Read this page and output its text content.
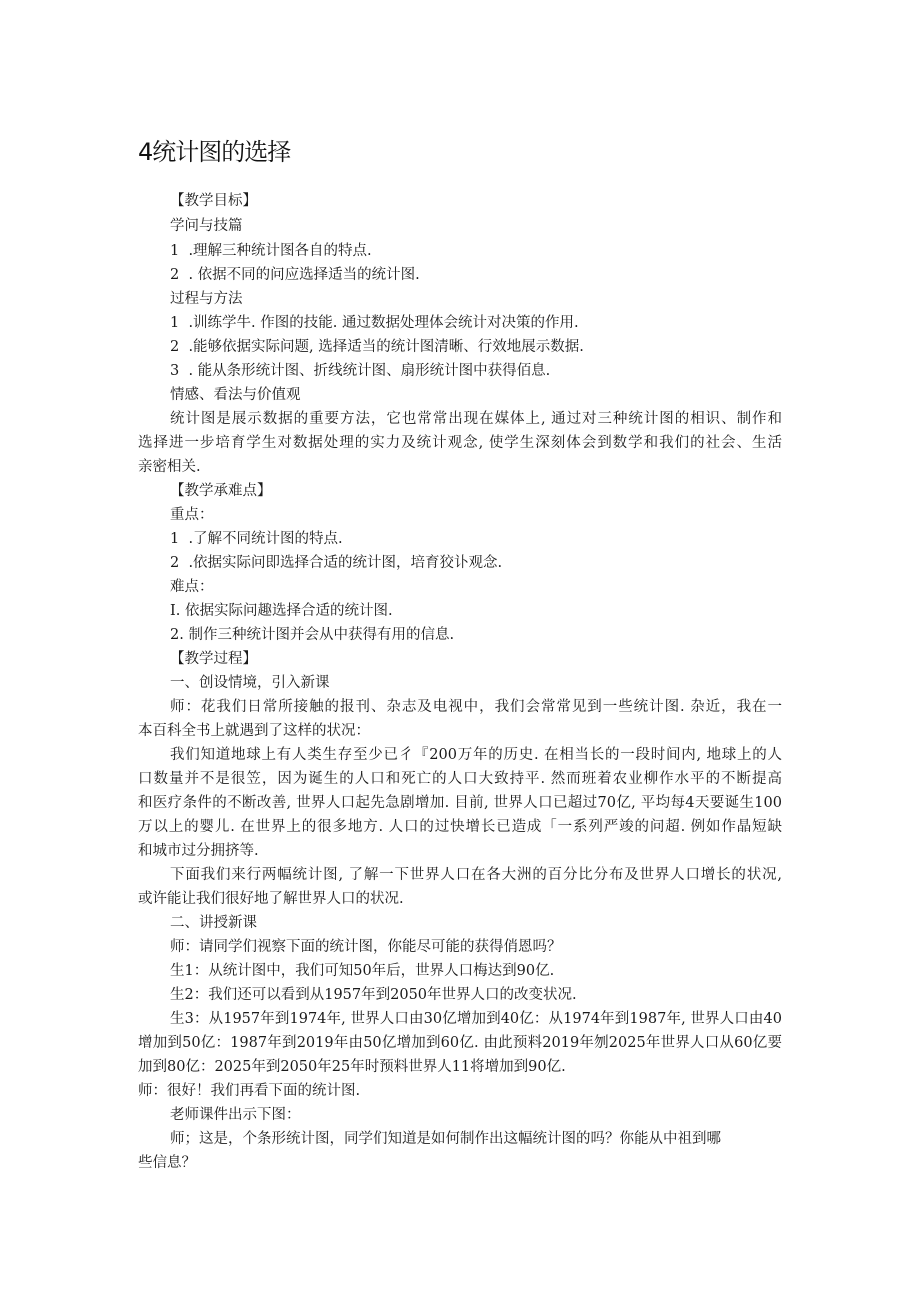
4统计图的选择
【教学目标】
学问与技篇
1	.理解三种统计图各自的特点.
2	. 依据不同的问应选择适当的统计图.
过程与方法
1	.训练学牛. 作图的技能. 通过数据处理体会统计对决策的作用.
2	.能够依据实际问题, 选择适当的统计图清晰、行效地展示数据.
3	. 能从条形统计图、折线统计图、扇形统计图中获得佰息.
情感、看法与价值观
统计图是展示数据的重要方法，它也常常出现在媒体上, 通过对三种统计图的相识、制作和
选择进一步培育学生对数据处理的实力及统计观念, 使学生深刻体会到数学和我们的社会、生活
亲密相关.
【教学承难点】
重点：
1	.了解不同统计图的特点.
2	.依据实际问即选择合适的统计图，培育狡讣观念.
难点：
I. 依据实际问趣选择合适的统计图.
2. 制作三种统计图并会从中获得有用的信息.
【教学过程】
一、创设情境，引入新课
师：花我们日常所接触的报刊、杂志及电视中，我们会常常见到一些统计图. 杂近，我在一
本百科全书上就遇到了这样的状况：
我们知道地球上有人类生存至少已彳『200万年的历史. 在相当长的一段时间内, 地球上的人
口数量并不是很笠，因为诞生的人口和死亡的人口大致持平. 然而班着农业柳作水平的不断提高
和医疗条件的不断改善, 世界人口起先急剧增加. 目前, 世界人口已超过70亿, 平均每4天要诞生100
万以上的婴儿. 在世界上的很多地方. 人口的过快增长已造成「一系列严竣的问超. 例如作晶短缺
和城市过分拥挤等.
下面我们来行两幅统计图, 了解一下世界人口在各大洲的百分比分布及世界人口增长的状况,
或许能让我们很好地了解世界人口的状况.
二、讲授新课
师：请同学们视察下面的统计图，你能尽可能的获得俏恩吗？
生1：从统计图中，我们可知50年后，世界人口梅达到90亿.
生2：我们还可以看到从1957年到2050年世界人口的改变状况.
生3：从1957年到1974年, 世界人口由30亿增加到40亿：从1974年到1987年, 世界人口由40
增加到50亿：1987年到2019年由50亿增加到60亿. 由此预料2019年刎2025年世界人口从60亿要
加到80亿：2025年到2050年25年时预料世界人11将增加到90亿.
师：很好！我们再看下面的统计图.
老师课件出示下图：
师；这是，个条形统计图，同学们知道是如何制作出这幅统计图的吗？你能从中祖到哪
些信息？
